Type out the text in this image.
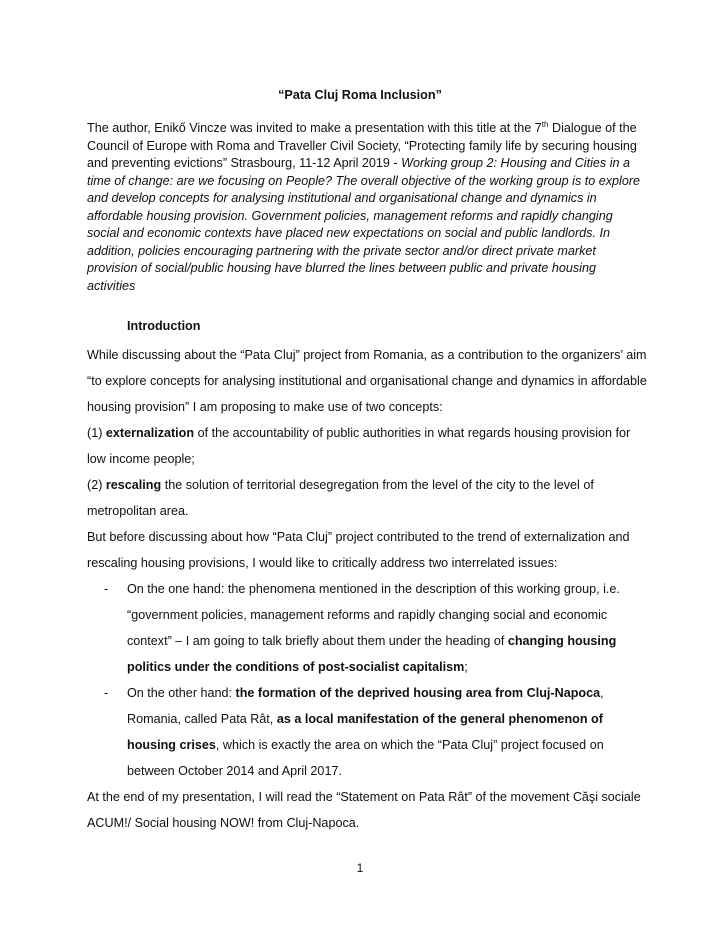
“Pata Cluj Roma Inclusion”

The author, Enikő Vincze was invited to make a presentation with this title at the 7th Dialogue of the Council of Europe with Roma and Traveller Civil Society, “Protecting family life by securing housing and preventing evictions” Strasbourg, 11-12 April 2019 - Working group 2: Housing and Cities in a time of change: are we focusing on People? The overall objective of the working group is to explore and develop concepts for analysing institutional and organisational change and dynamics in affordable housing provision. Government policies, management reforms and rapidly changing social and economic contexts have placed new expectations on social and public landlords. In addition, policies encouraging partnering with the private sector and/or direct private market provision of social/public housing have blurred the lines between public and private housing activities

Introduction

While discussing about the “Pata Cluj” project from Romania, as a contribution to the organizers’ aim “to explore concepts for analysing institutional and organisational change and dynamics in affordable housing provision” I am proposing to make use of two concepts:

(1) externalization of the accountability of public authorities in what regards housing provision for low income people;

(2) rescaling the solution of territorial desegregation from the level of the city to the level of metropolitan area.

But before discussing about how “Pata Cluj” project contributed to the trend of externalization and rescaling housing provisions, I would like to critically address two interrelated issues:

- On the one hand: the phenomena mentioned in the description of this working group, i.e. “government policies, management reforms and rapidly changing social and economic context” – I am going to talk briefly about them under the heading of changing housing politics under the conditions of post-socialist capitalism;
- On the other hand: the formation of the deprived housing area from Cluj-Napoca, Romania, called Pata Rât, as a local manifestation of the general phenomenon of housing crises, which is exactly the area on which the “Pata Cluj” project focused on between October 2014 and April 2017.

At the end of my presentation, I will read the “Statement on Pata Rât” of the movement Căşi sociale ACUM!/ Social housing NOW! from Cluj-Napoca.

1
